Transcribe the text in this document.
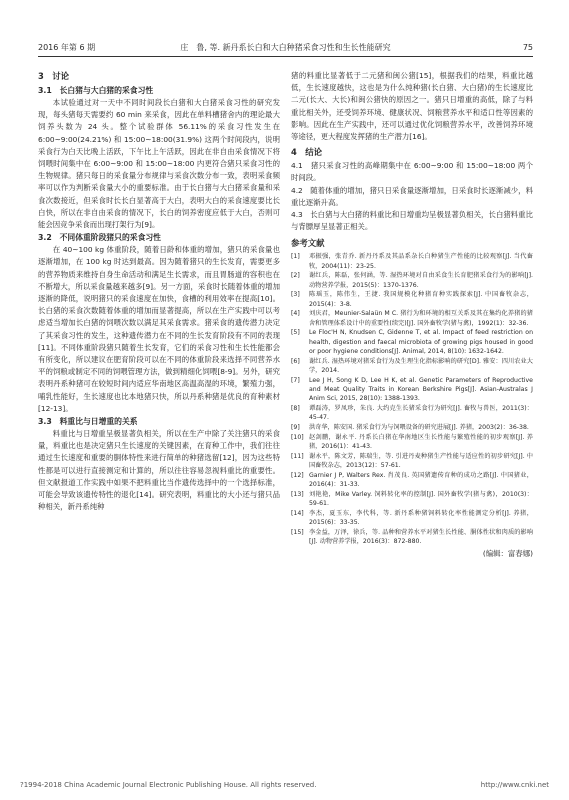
2016 年第 6 期	庄　鲁, 等. 新丹系长白和大白种猪采食习性和生长性能研究	75
3　讨论
3.1　长白猪与大白猪的采食习性

本试验通过对一天中不同时间段长白猪和大白猪采食习性的研究发现，每头猪每天需要约 60 min 来采食，因此在单料槽猪舍内的理论最大饲养头数为 24 头。整个试验群体 56.11%的采食习性发生在 6:00~9:00(24.21%) 和 15:00~18:00(31.9%) 这两个时间段内，说明采食行为白天比晚上活跃，下午比上午活跃，因此在非自由采食情况下将饲喂时间集中在 6:00~9:00 和 15:00~18:00 内更符合猪只采食习性的生物规律。猪只每日的采食量分布规律与采食次数分布一致，表明采食频率可以作为判断采食量大小的重要标准。由于长白猪与大白猪采食量和采食次数接近，但采食时长长白显著高于大白，表明大白的采食速度要比长白快，所以在非自由采食的情况下，长白的饲养密度应低于大白，否则可能会因竞争采食而出现打架行为[9]。

3.2　不同体重阶段猪只的采食习性

在 40~100 kg 体重阶段，随着日龄和体重的增加，猪只的采食量也逐渐增加，在 100 kg 时达到最高。因为随着猪只的生长发育，需要更多的营养物质来维持自身生命活动和满足生长需求，而且胃肠道的容积也在不断增大，所以采食量越来越多[9]。另一方面，采食时长随着体重的增加逐渐的降低，说明猪只的采食速度在加快，食槽的利用效率在提高[10]。长白猪的采食次数随着体重的增加而显著提高，所以在生产实践中可以考虑适当增加长白猪的饲喂次数以满足其采食需求。猪采食的遗传潜力决定了其采食习性的发生，这种遗传潜力在不同的生长发育阶段有不同的表现[11]。不同体重阶段猪只随着生长发育，它们的采食习性和生长性能都会有所变化，所以建议在肥育阶段可以在不同的体重阶段来选择不同营养水平的饲粮或制定不同的饲喂管理方法，做到精细化饲喂[8-9]。另外，研究表明丹系种猪可在较短时间内适应华南地区高温高湿的环境，繁殖力强，哺乳性能好，生长速度也比本地猪只快，所以丹系种猪是优良的育种素材[12-13]。

3.3　料重比与日增重的关系

料重比与日增重呈极显著负相关，所以在生产中除了关注猪只的采食量，料重比也是决定猪只生长速度的关键因素，在育种工作中，我们往往通过生长速度和重要的胴体特性来进行简单的种猪选留[12]，因为这些特性都是可以进行直接测定和计算的，所以往往容易忽视料重比的重要性。但文献报道工作实践中如果不把料重比当作遗传选择中的一个选择标准，可能会导致该遗传特性的退化[14]。研究表明，料重比的大小还与猪只品种相关，新丹系纯种

猪的料重比显著低于二元猪和闽公猪[15]，根据我们的结果，料重比越低，生长速度越快，这也是为什么纯种猪(长白猪、大白猪)的生长速度比二元(长大、大长)和闽公猪快的原因之一。猪只日增重的高低，除了与料重比相关外，还受饲养环境、健康状况、饲粮营养水平和适口性等因素的影响。因此在生产实践中，还可以通过优化饲粮营养水平，改善饲养环境等途径，更大程度发挥猪的生产潜力[16]。

4　结论

4.1　猪只采食习性的高峰期集中在 6:00~9:00 和 15:00~18:00 两个时间段。

4.2　随着体重的增加，猪只日采食量逐渐增加，日采食时长逐渐减少，料重比逐渐升高。

4.3　长白猪与大白猪的料重比和日增重均呈极显著负相关，长白猪料重比与背膘厚呈显著正相关。

参考文献
[1]	邓振强，张青乔. 新丹丹系及其品系杂长白种猪生产性能的比较观察[J]. 当代畜牧，2004(11)：23-25.
[2]	谢红兵，陈磊，张何涵，等. 湿热环境对自由采食生长育肥猪采食行为的影响[J]. 动物营养学报，2015(5)：1370-1376.
[3]	陈瑶玉，陈伟生，王捷. 我国规模化种猪育种实践探索[J]. 中国畜牧杂志，2015(4)：3-8.
[4]	刘庆君，Meunier-Salaün M C. 猪行为和环境的相互关系及其在集约化养猪的猪舍和管理体系设计中的重要性(续完)[J]. 国外畜牧学(猪与禽)，1992(1)：32-36.
[5]	Le Floc'H N, Knudsen C, Gidenne T, et al. Impact of feed restriction on health, digestion and faecal microbiota of growing pigs housed in good or poor hygiene conditions[J]. Animal, 2014, 8(10): 1632-1642.
[6]	谢红兵. 湿热环境对猪采食行为及生理生化指标影响的研究[D]. 雅安：四川农业大学，2014.
[7]	Lee J H, Song K D, Lee H K, et al. Genetic Parameters of Reproductive and Meat Quality Traits in Korean Berkshire Pigs[J]. Asian-Australas J Anim Sci, 2015, 28(10): 1388-1393.
[8]	谭磊涛，罗凤珍，朱良. 大约克生长猪采食行为研究[J]. 畜牧与兽医，2011(3)：45-47.
[9]	洪奇华，陈安国. 猪采食行为与饲喂设备的研究进展[J]. 养猪，2003(2)：36-38.
[10] 赵剑鹏，谢永平. 丹系长白猪在华南地区生长性能与繁殖性能的初步观察[J]. 养猪，2016(1)：41-43.
[11] 谢永平，陈文芳，陈瑞生，等. 引进丹麦种猪生产性能与适应性的初步研究[J]. 中国畜牧杂志，2013(12)：57-61.
[12] Garnier J P, Walters Rex. 肖茂良. 英国猪遗传育种的成功之路[J]. 中国猪业，2016(4)：31-33.
[13] 刘艳艳，Mike Varley. 饲料转化率的控制[J]. 国外畜牧学(猪与禽)，2010(3)：59-61.
[14] 李杰，夏玉东，李代科，等. 新丹系种猪饲料转化率性能测定分析[J]. 养猪，2015(6)：33-35.
[15] 李金益，万泽，徐兵，等. 品种和营养水平对猪生长性能、胴体性状和肉质的影响[J]. 动物营养学报，2016(3)：872-880.
(编辑：富春娜)
?1994-2018 China Academic Journal Electronic Publishing House. All rights reserved.	http://www.cnki.net
